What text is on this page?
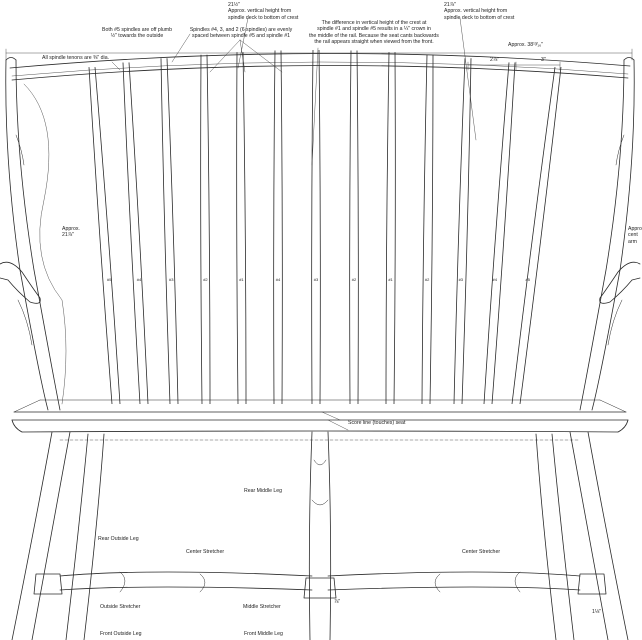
#5	#4	#3	#2	#1	#4	#3	#2	#1	#2	#3	#4	#5
21½"
Approx. vertical height from
spindle deck to bottom of crest
21⅞"
Approx. vertical height from
spindle deck to bottom of crest
Both #5 spindles are off plumb
½" towards the outside
Spindles #4, 3, and 2 (6 spindles) are evenly
spaced between spindle #5 and spindle #1
The difference in vertical height of the crest at
spindle #1 and spindle #5 results in a ¼" crown in
the middle of the rail. Because the seat cants backwards
the rail appears straight when viewed from the front.
All spindle tenons are ⅜" dia.
Approx. 38¹³⁄₁₆"
2⅞"	3"
Approx.
21⅞"
Appro
cent
arm
Score line (touches) seat
Rear Middle Leg
Rear Outside Leg
Center Stretcher	Center Stretcher
Outside Stretcher	Middle Stretcher
Front Outside Leg	Front Middle Leg
⅞"
1⅛"
